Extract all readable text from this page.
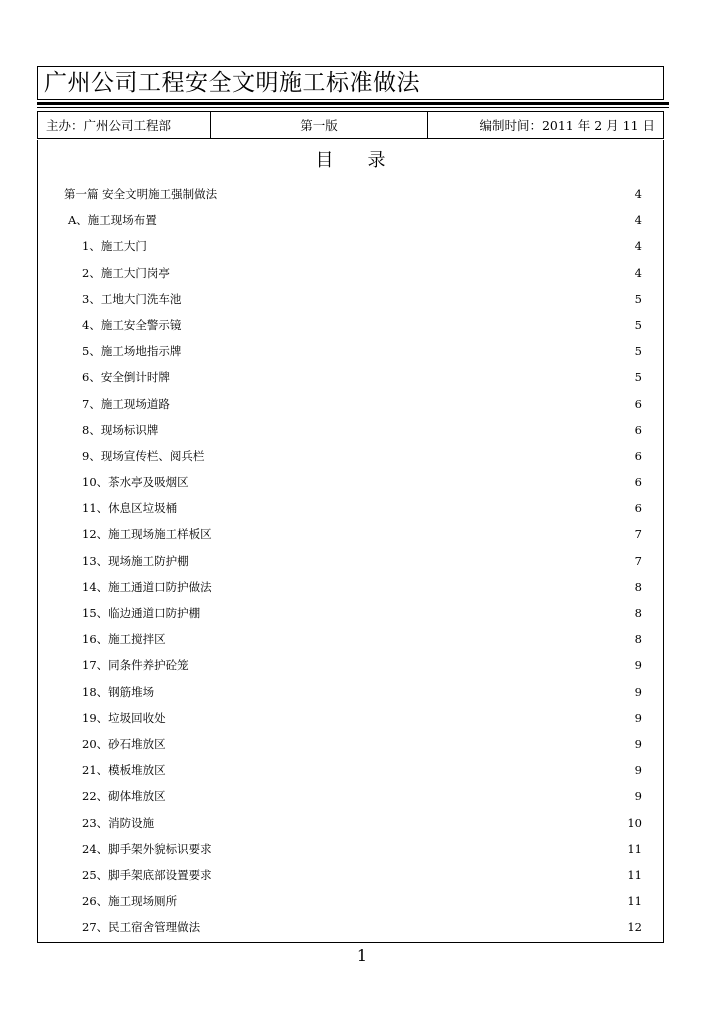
广州公司工程安全文明施工标准做法
主办：广州公司工程部	第一版	编制时间：2011 年 2 月 11 日
目录
第一篇 安全文明施工强制做法	4
A、施工现场布置	4
1、施工大门	4
2、施工大门岗亭	4
3、工地大门洗车池	5
4、施工安全警示镜	5
5、施工场地指示牌	5
6、安全倒计时牌	5
7、施工现场道路	6
8、现场标识牌	6
9、现场宣传栏、阅兵栏	6
10、茶水亭及吸烟区	6
11、休息区垃圾桶	6
12、施工现场施工样板区	7
13、现场施工防护棚	7
14、施工通道口防护做法	8
15、临边通道口防护棚	8
16、施工搅拌区	8
17、同条件养护砼笼	9
18、钢筋堆场	9
19、垃圾回收处	9
20、砂石堆放区	9
21、模板堆放区	9
22、砌体堆放区	9
23、消防设施	10
24、脚手架外貌标识要求	11
25、脚手架底部设置要求	11
26、施工现场厕所	11
27、民工宿舍管理做法	12
1
